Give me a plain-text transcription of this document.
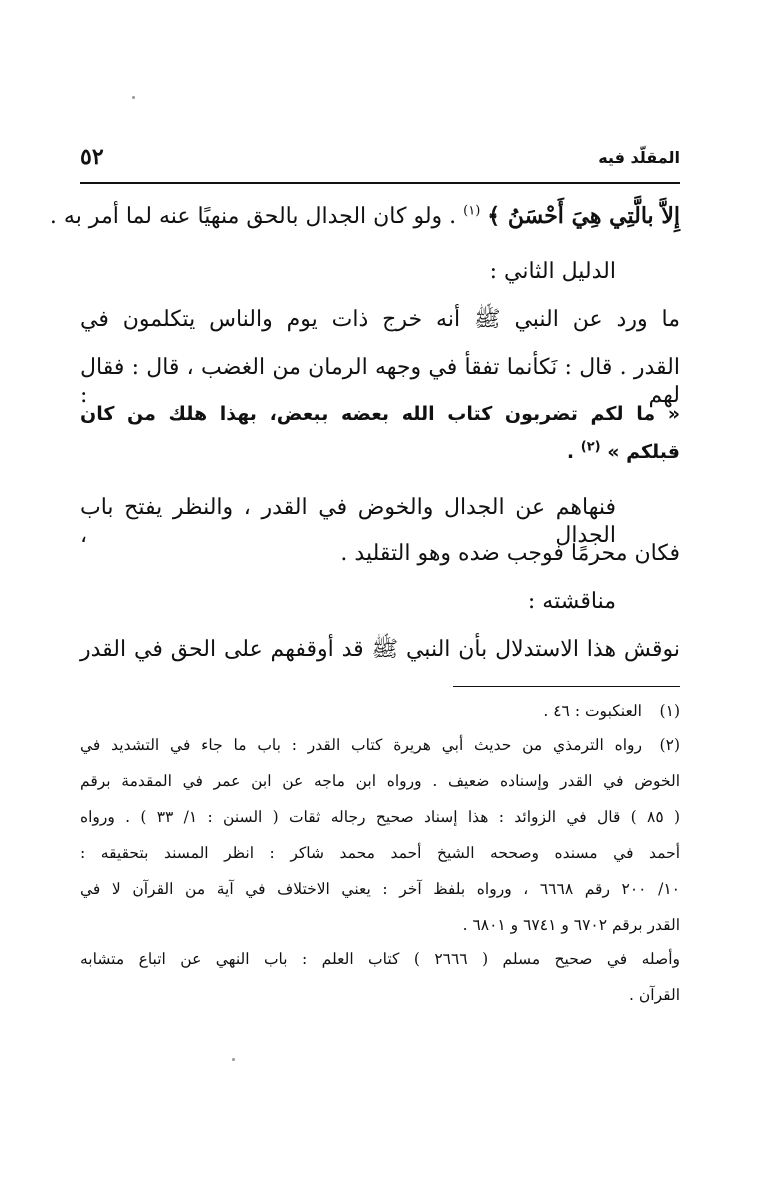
المقلّد فيه
٥٢
إِلاَّ بالَّتِي هِيَ أَحْسَنُ ﴾ $^{(١)}$ . ولو كان الجدال بالحق منهيًا عنه لما أمر به .
الدليل الثاني :
ما ورد عن النبي ﷺ أنه خرج ذات يوم والناس يتكلمون في
القدر . قال : نَكأنما تفقأ في وجهه الرمان من الغضب ، قال : فقال لهم :
« ما لكم تضربون كتاب الله بعضه ببعض، بهذا هلك من كان
قبلكم » $^{(٢)}$ .
فنهاهم عن الجدال والخوض في القدر ، والنظر يفتح باب الجدال ،
فكان محرمًا فوجب ضده وهو التقليد .
مناقشته :
نوقش هذا الاستدلال بأن النبي ﷺ قد أوقفهم على الحق في القدر
(١)
العنكبوت : ٤٦ .
(٢)
رواه الترمذي من حديث أبي هريرة كتاب القدر : باب ما جاء في التشديد في
الخوض في القدر وإسناده ضعيف . ورواه ابن ماجه عن ابن عمر في المقدمة برقم
( ٨٥ ) قال في الزوائد : هذا إسناد صحيح رجاله ثقات ( السنن : ١/ ٣٣ ) . ورواه
أحمد في مسنده وصححه الشيخ أحمد محمد شاكر : انظر المسند بتحقيقه :
١٠/ ٢٠٠ رقم ٦٦٦٨ ، ورواه بلفظ آخر : يعني الاختلاف في آية من القرآن لا في
القدر برقم ٦٧٠٢ و ٦٧٤١ و ٦٨٠١ .
وأصله في صحيح مسلم ( ٢٦٦٦ ) كتاب العلم : باب النهي عن اتباع متشابه
القرآن .
